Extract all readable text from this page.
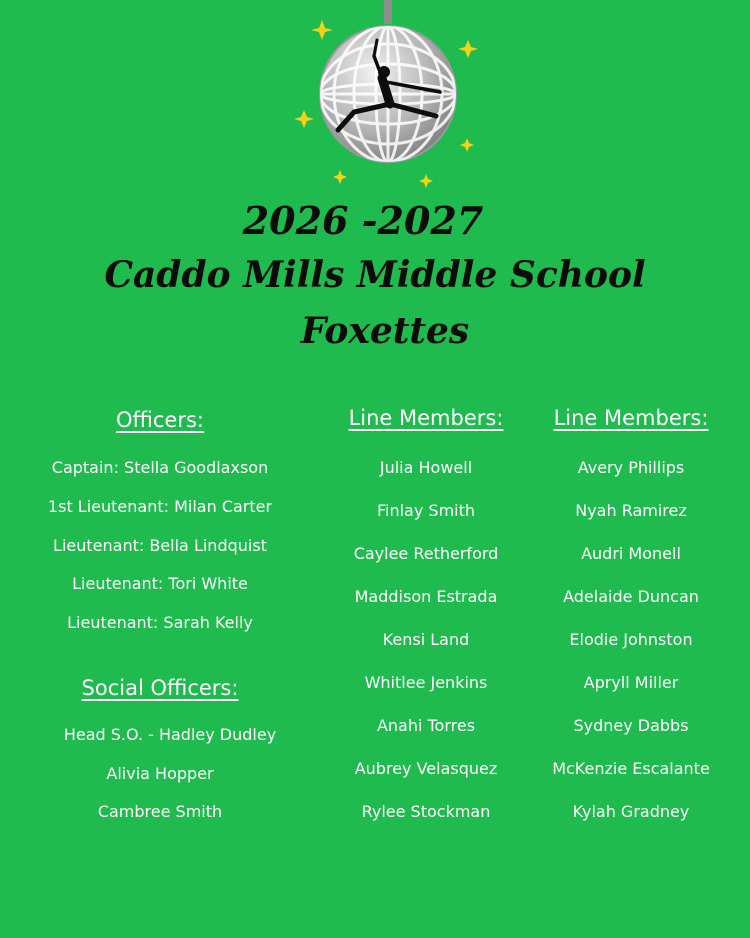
2026 -2027
Caddo Mills Middle School
Foxettes
Officers:
Captain: Stella Goodlaxson
1st Lieutenant: Milan Carter
Lieutenant: Bella Lindquist
Lieutenant: Tori White
Lieutenant: Sarah Kelly
Social Officers:
Head S.O. - Hadley Dudley
Alivia Hopper
Cambree Smith
Line Members:
Julia Howell
Finlay Smith
Caylee Retherford
Maddison Estrada
Kensi Land
Whitlee Jenkins
Anahi Torres
Aubrey Velasquez
Rylee Stockman
Line Members:
Avery Phillips
Nyah Ramirez
Audri Monell
Adelaide Duncan
Elodie Johnston
Apryll Miller
Sydney Dabbs
McKenzie Escalante
Kylah Gradney
